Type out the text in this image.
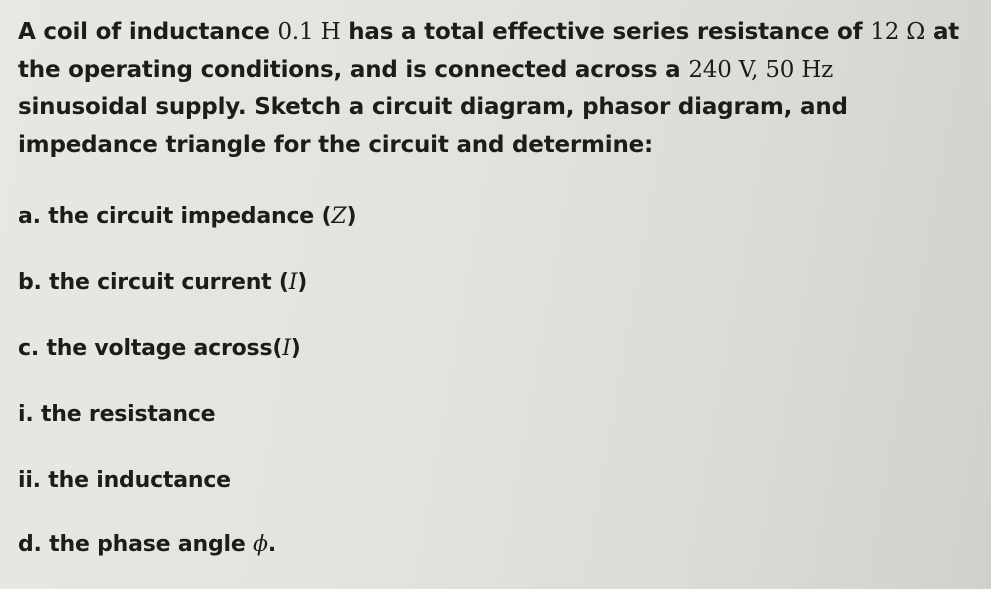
A coil of inductance 0.1 H has a total effective series resistance of 12 Ω at
the operating conditions, and is connected across a 240 V, 50 Hz
sinusoidal supply. Sketch a circuit diagram, phasor diagram, and
impedance triangle for the circuit and determine:

a. the circuit impedance (Z)
b. the circuit current (I)
c. the voltage across(I)
i. the resistance
ii. the inductance
d. the phase angle ϕ.
